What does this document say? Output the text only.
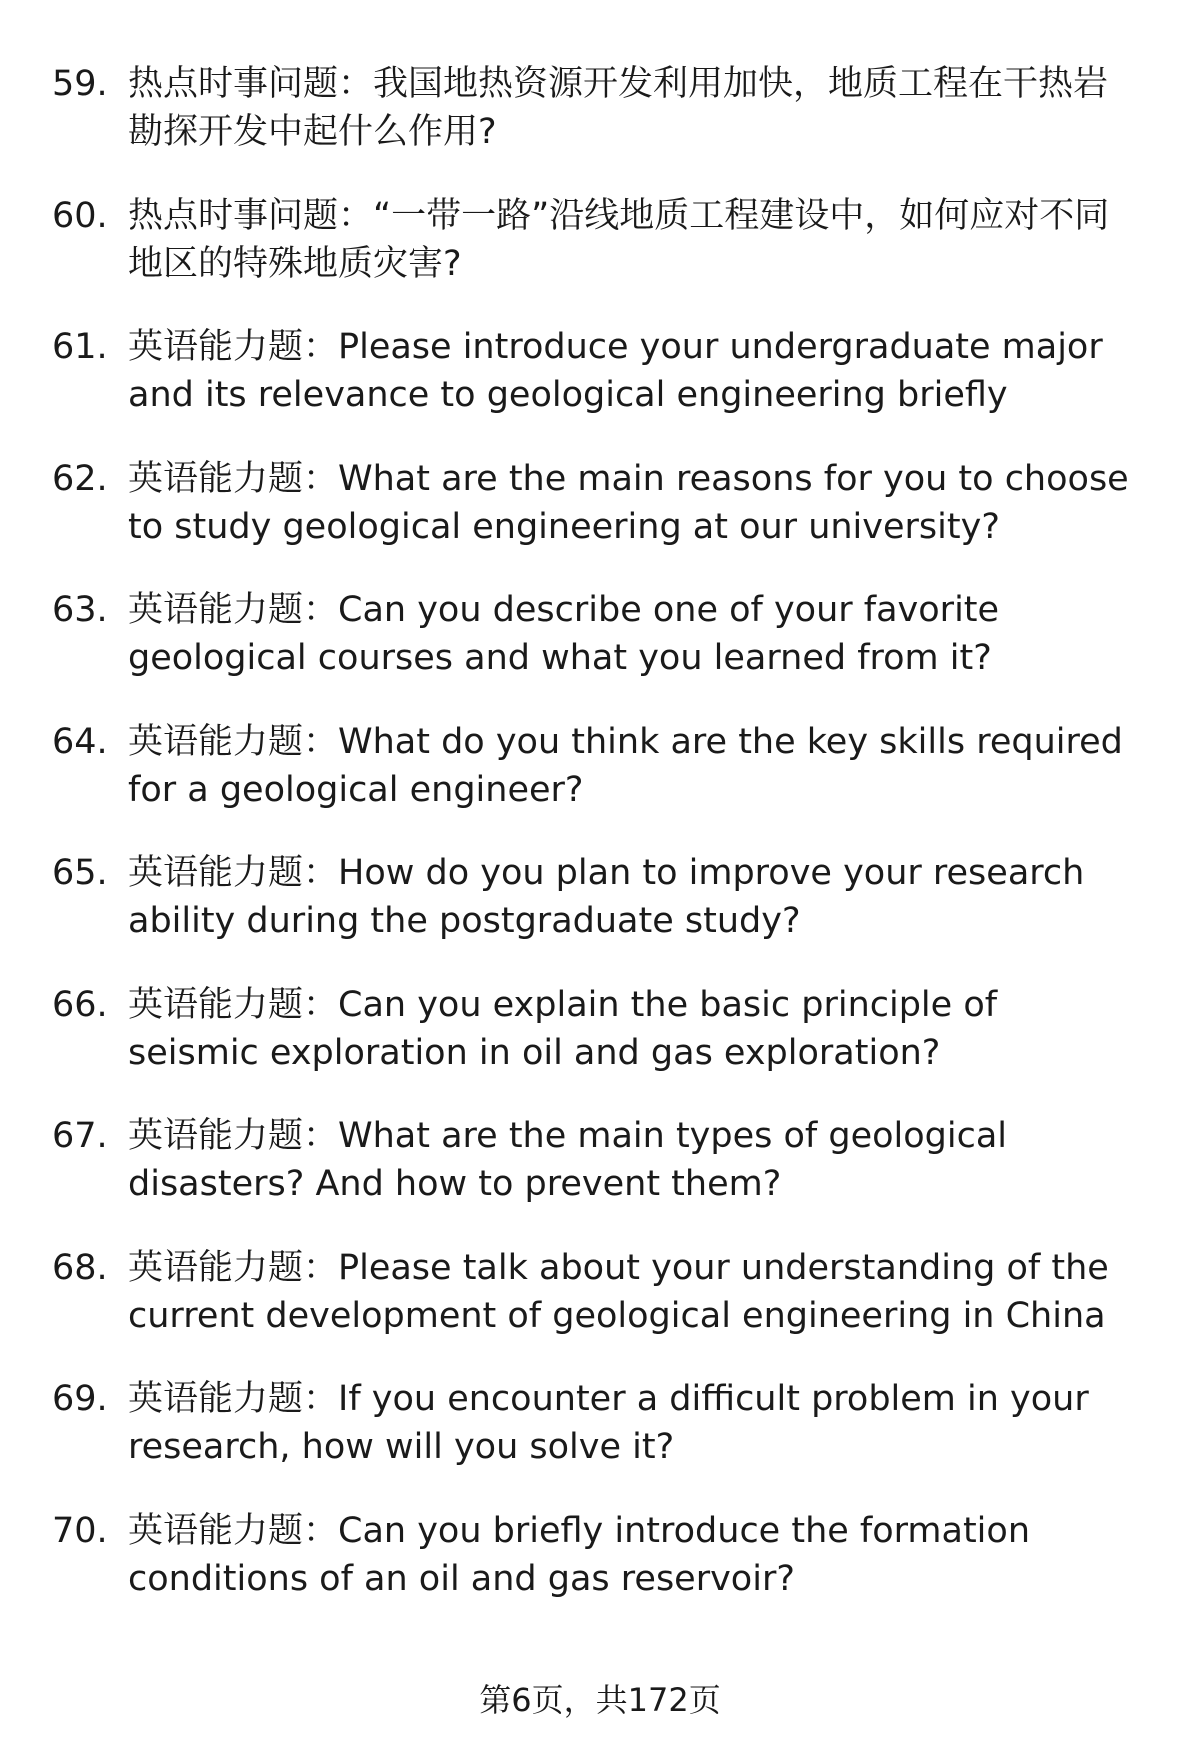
59. 热点时事问题：我国地热资源开发利用加快，地质工程在干热岩勘探开发中起什么作用?
60. 热点时事问题：“一带一路”沿线地质工程建设中，如何应对不同地区的特殊地质灾害?
61. 英语能力题：Please introduce your undergraduate major and its relevance to geological engineering briefly
62. 英语能力题：What are the main reasons for you to choose to study geological engineering at our university?
63. 英语能力题：Can you describe one of your favorite geological courses and what you learned from it?
64. 英语能力题：What do you think are the key skills required for a geological engineer?
65. 英语能力题：How do you plan to improve your research ability during the postgraduate study?
66. 英语能力题：Can you explain the basic principle of seismic exploration in oil and gas exploration?
67. 英语能力题：What are the main types of geological disasters? And how to prevent them?
68. 英语能力题：Please talk about your understanding of the current development of geological engineering in China
69. 英语能力题：If you encounter a difficult problem in your research, how will you solve it?
70. 英语能力题：Can you briefly introduce the formation conditions of an oil and gas reservoir?
第6页，共172页
